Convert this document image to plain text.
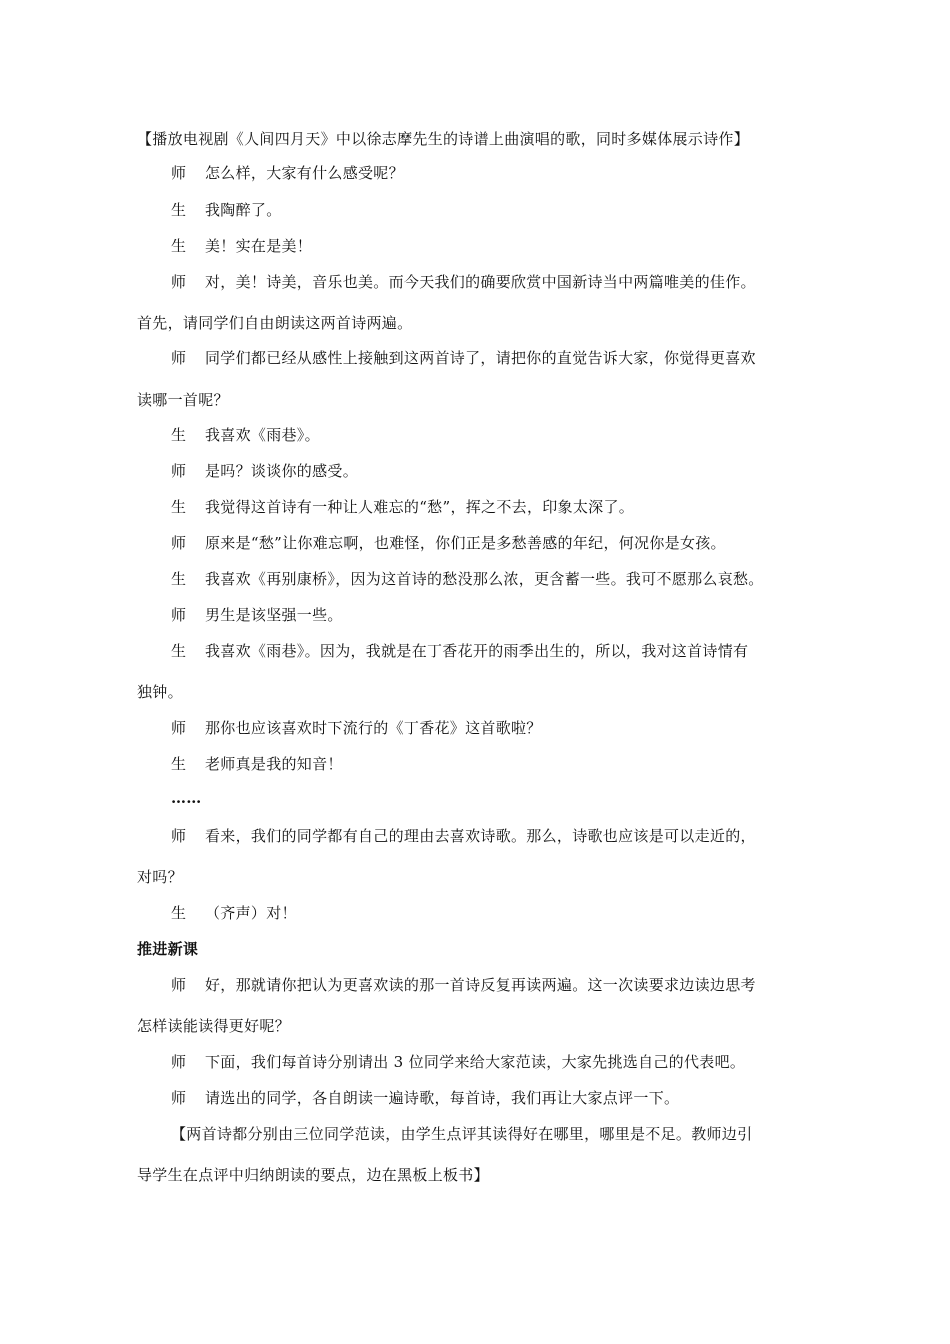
【播放电视剧《人间四月天》中以徐志摩先生的诗谱上曲演唱的歌，同时多媒体展示诗作】
师 怎么样，大家有什么感受呢？
生 我陶醉了。
生 美！实在是美！
师 对，美！诗美，音乐也美。而今天我们的确要欣赏中国新诗当中两篇唯美的佳作。
首先，请同学们自由朗读这两首诗两遍。
师 同学们都已经从感性上接触到这两首诗了，请把你的直觉告诉大家，你觉得更喜欢
读哪一首呢？
生 我喜欢《雨巷》。
师 是吗？谈谈你的感受。
生 我觉得这首诗有一种让人难忘的“愁”，挥之不去，印象太深了。
师 原来是“愁”让你难忘啊，也难怪，你们正是多愁善感的年纪，何况你是女孩。
生 我喜欢《再别康桥》，因为这首诗的愁没那么浓，更含蓄一些。我可不愿那么哀愁。
师 男生是该坚强一些。
生 我喜欢《雨巷》。因为，我就是在丁香花开的雨季出生的，所以，我对这首诗情有
独钟。
师 那你也应该喜欢时下流行的《丁香花》这首歌啦？
生 老师真是我的知音！
……
师 看来，我们的同学都有自己的理由去喜欢诗歌。那么，诗歌也应该是可以走近的，
对吗？
生 （齐声）对！
推进新课
师 好，那就请你把认为更喜欢读的那一首诗反复再读两遍。这一次读要求边读边思考
怎样读能读得更好呢？
师 下面，我们每首诗分别请出 3 位同学来给大家范读，大家先挑选自己的代表吧。
师 请选出的同学，各自朗读一遍诗歌，每首诗，我们再让大家点评一下。
【两首诗都分别由三位同学范读，由学生点评其读得好在哪里，哪里是不足。教师边引
导学生在点评中归纳朗读的要点，边在黑板上板书】
